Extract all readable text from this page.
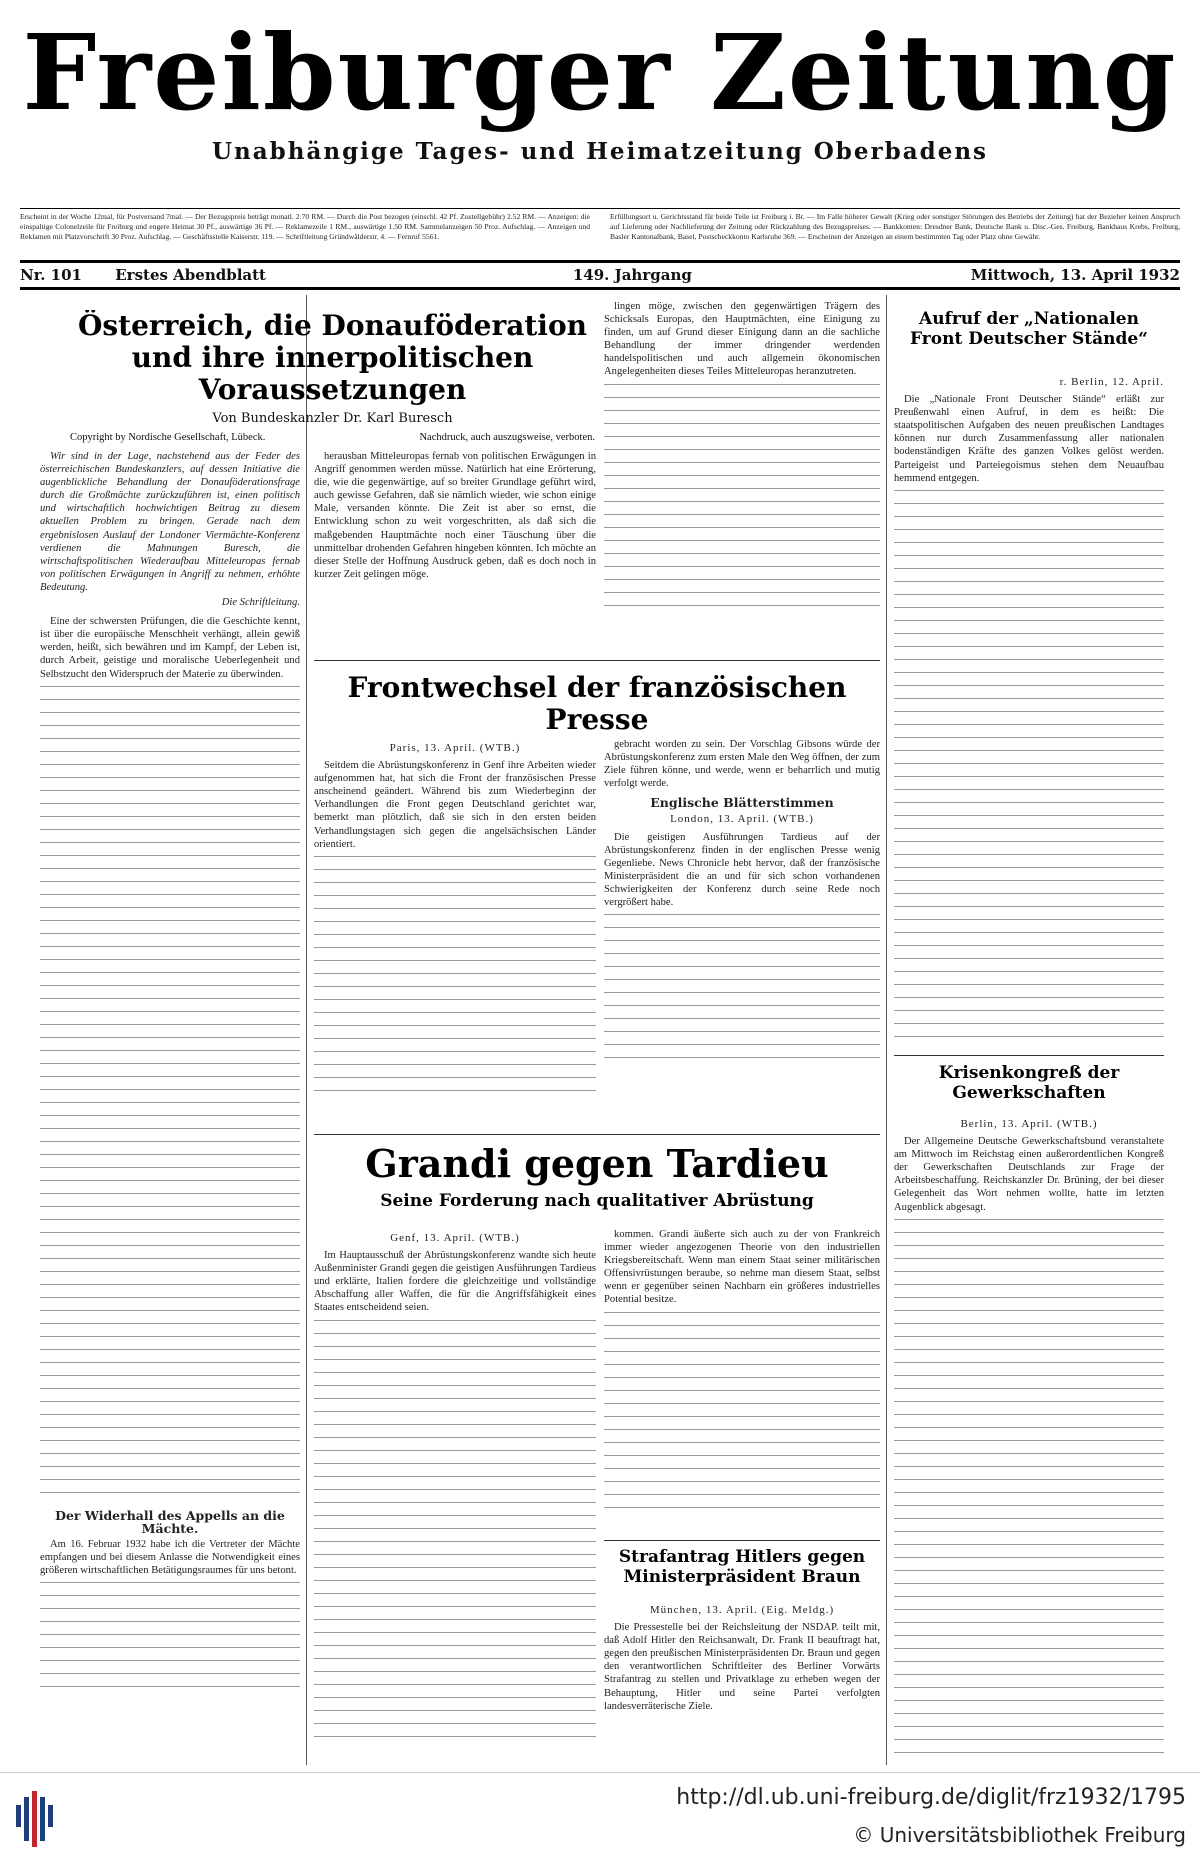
Freiburger Zeitung
Unabhängige Tages- und Heimatzeitung Oberbadens
Erscheint in der Woche 12mal, für Postversand 7mal. — Der Bezugspreis beträgt monatl. 2.70 RM. — Durch die Post bezogen (einschl. 42 Pf. Zustellgebühr) 2.52 RM. — Anzeigen: die einspaltige Colonelzeile für Freiburg und engere Heimat 30 Pf., auswärtige 36 Pf. — Reklamezeile 1 RM., auswärtige 1.50 RM. Sammelanzeigen 50 Proz. Aufschlag. — Anzeigen und Reklamen mit Platzvorschrift 30 Proz. Aufschlag. — Geschäftsstelle Kaiserstr. 119. — Schriftleitung Gründwälderstr. 4. — Fernruf 5561.
Erfüllungsort u. Gerichtsstand für beide Teile ist Freiburg i. Br. — Im Falle höherer Gewalt (Krieg oder sonstiger Störungen des Betriebs der Zeitung) hat der Bezieher keinen Anspruch auf Lieferung oder Nachlieferung der Zeitung oder Rückzahlung des Bezugspreises. — Bankkonten: Dresdner Bank, Deutsche Bank u. Disc.-Ges. Freiburg, Bankhaus Krebs, Freiburg, Basler Kantonalbank, Basel, Postscheckkonto Karlsruhe 369. — Erscheinen der Anzeigen an einem bestimmten Tag oder Platz ohne Gewähr.
Nr. 101 Erstes Abendblatt	149. Jahrgang	Mittwoch, 13. April 1932
Österreich, die Donauföderation und ihre innerpolitischen Voraussetzungen
Von Bundeskanzler Dr. Karl Buresch
Copyright by Nordische Gesellschaft, Lübeck.	Nachdruck, auch auszugsweise, verboten.

Wir sind in der Lage, nachstehend aus der Feder des österreichischen Bundeskanzlers, auf dessen Initiative die augenblickliche Behandlung der Donauföderationsfrage durch die Großmächte zurückzuführen ist, einen politisch und wirtschaftlich hochwichtigen Beitrag zu diesem aktuellen Problem zu bringen. Gerade nach dem ergebnislosen Auslauf der Londoner Viermächte-Konferenz verdienen die Mahnungen Buresch, die wirtschaftspolitischen Wiederaufbau Mitteleuropas fernab von politischen Erwägungen in Angriff zu nehmen, erhöhte Bedeutung.

Die Schriftleitung.

Eine der schwersten Prüfungen, die die Geschichte kennt, ist über die europäische Menschheit verhängt, allein gewiß werden, heißt, sich bewähren und im Kampf, der Leben ist, durch Arbeit, geistige und moralische Ueberlegenheit und Selbstzucht den Widerspruch der Materie zu überwinden.

Der Widerhall des Appells an die Mächte.

Am 16. Februar 1932 habe ich die Vertreter der Mächte empfangen und bei diesem Anlasse die Notwendigkeit eines größeren wirtschaftlichen Betätigungsraumes für uns betont.

herausban Mitteleuropas fernab von politischen Erwägungen in Angriff genommen werden müsse. Natürlich hat eine Erörterung, die, wie die gegenwärtige, auf so breiter Grundlage geführt wird, auch gewisse Gefahren, daß sie nämlich wieder, wie schon einige Male, versanden könnte. Die Zeit ist aber so ernst, die Entwicklung schon zu weit vorgeschritten, als daß sich die maßgebenden Hauptmächte noch einer Täuschung über die unmittelbar drohenden Gefahren hingeben könnten. Ich möchte an dieser Stelle der Hoffnung Ausdruck geben, daß es doch noch in kurzer Zeit gelingen möge.

lingen möge, zwischen den gegenwärtigen Trägern des Schicksals Europas, den Hauptmächten, eine Einigung zu finden, um auf Grund dieser Einigung dann an die sachliche Behandlung der immer dringender werdenden handelspolitischen und auch allgemein ökonomischen Angelegenheiten dieses Teiles Mitteleuropas heranzutreten.

Frontwechsel der französischen Presse
Paris, 13. April. (WTB.)

Seitdem die Abrüstungskonferenz in Genf ihre Arbeiten wieder aufgenommen hat, hat sich die Front der französischen Presse anscheinend geändert. Während bis zum Wiederbeginn der Verhandlungen die Front gegen Deutschland gerichtet war, bemerkt man plötzlich, daß sie sich in den ersten beiden Verhandlungstagen sich gegen die angelsächsischen Länder orientiert.

gebracht worden zu sein. Der Vorschlag Gibsons würde der Abrüstungskonferenz zum ersten Male den Weg öffnen, der zum Ziele führen könne, und werde, wenn er beharrlich und mutig verfolgt werde.

Englische Blätterstimmen
London, 13. April. (WTB.)

Die geistigen Ausführungen Tardieus auf der Abrüstungskonferenz finden in der englischen Presse wenig Gegenliebe. News Chronicle hebt hervor, daß der französische Ministerpräsident die an und für sich schon vorhandenen Schwierigkeiten der Konferenz durch seine Rede noch vergrößert habe.

Grandi gegen Tardieu
Seine Forderung nach qualitativer Abrüstung
Genf, 13. April. (WTB.)

Im Hauptausschuß der Abrüstungskonferenz wandte sich heute Außenminister Grandi gegen die geistigen Ausführungen Tardieus und erklärte, Italien fordere die gleichzeitige und vollständige Abschaffung aller Waffen, die für die Angriffsfähigkeit eines Staates entscheidend seien.

kommen. Grandi äußerte sich auch zu der von Frankreich immer wieder angezogenen Theorie von den industriellen Kriegsbereitschaft. Wenn man einem Staat seiner militärischen Offensivrüstungen beraube, so nehme man diesem Staat, selbst wenn er gegenüber seinen Nachbarn ein größeres industrielles Potential besitze.

Strafantrag Hitlers gegen Ministerpräsident Braun
München, 13. April. (Eig. Meldg.)

Die Pressestelle bei der Reichsleitung der NSDAP. teilt mit, daß Adolf Hitler den Reichsanwalt, Dr. Frank II beauftragt hat, gegen den preußischen Ministerpräsidenten Dr. Braun und gegen den verantwortlichen Schriftleiter des Berliner Vorwärts Strafantrag zu stellen und Privatklage zu erheben wegen der Behauptung, Hitler und seine Partei verfolgten landesverräterische Ziele.

Aufruf der „Nationalen Front Deutscher Stände“
r. Berlin, 12. April.

Die „Nationale Front Deutscher Stände“ erläßt zur Preußenwahl einen Aufruf, in dem es heißt: Die staatspolitischen Aufgaben des neuen preußischen Landtages können nur durch Zusammenfassung aller nationalen bodenständigen Kräfte des ganzen Volkes gelöst werden. Parteigeist und Parteiegoismus stehen dem Neuaufbau hemmend entgegen.

Krisenkongreß der Gewerkschaften
Berlin, 13. April. (WTB.)

Der Allgemeine Deutsche Gewerkschaftsbund veranstaltete am Mittwoch im Reichstag einen außerordentlichen Kongreß der Gewerkschaften Deutschlands zur Frage der Arbeitsbeschaffung. Reichskanzler Dr. Brüning, der bei dieser Gelegenheit das Wort nehmen wollte, hatte im letzten Augenblick abgesagt.

http://dl.ub.uni-freiburg.de/diglit/frz1932/1795
© Universitätsbibliothek Freiburg
